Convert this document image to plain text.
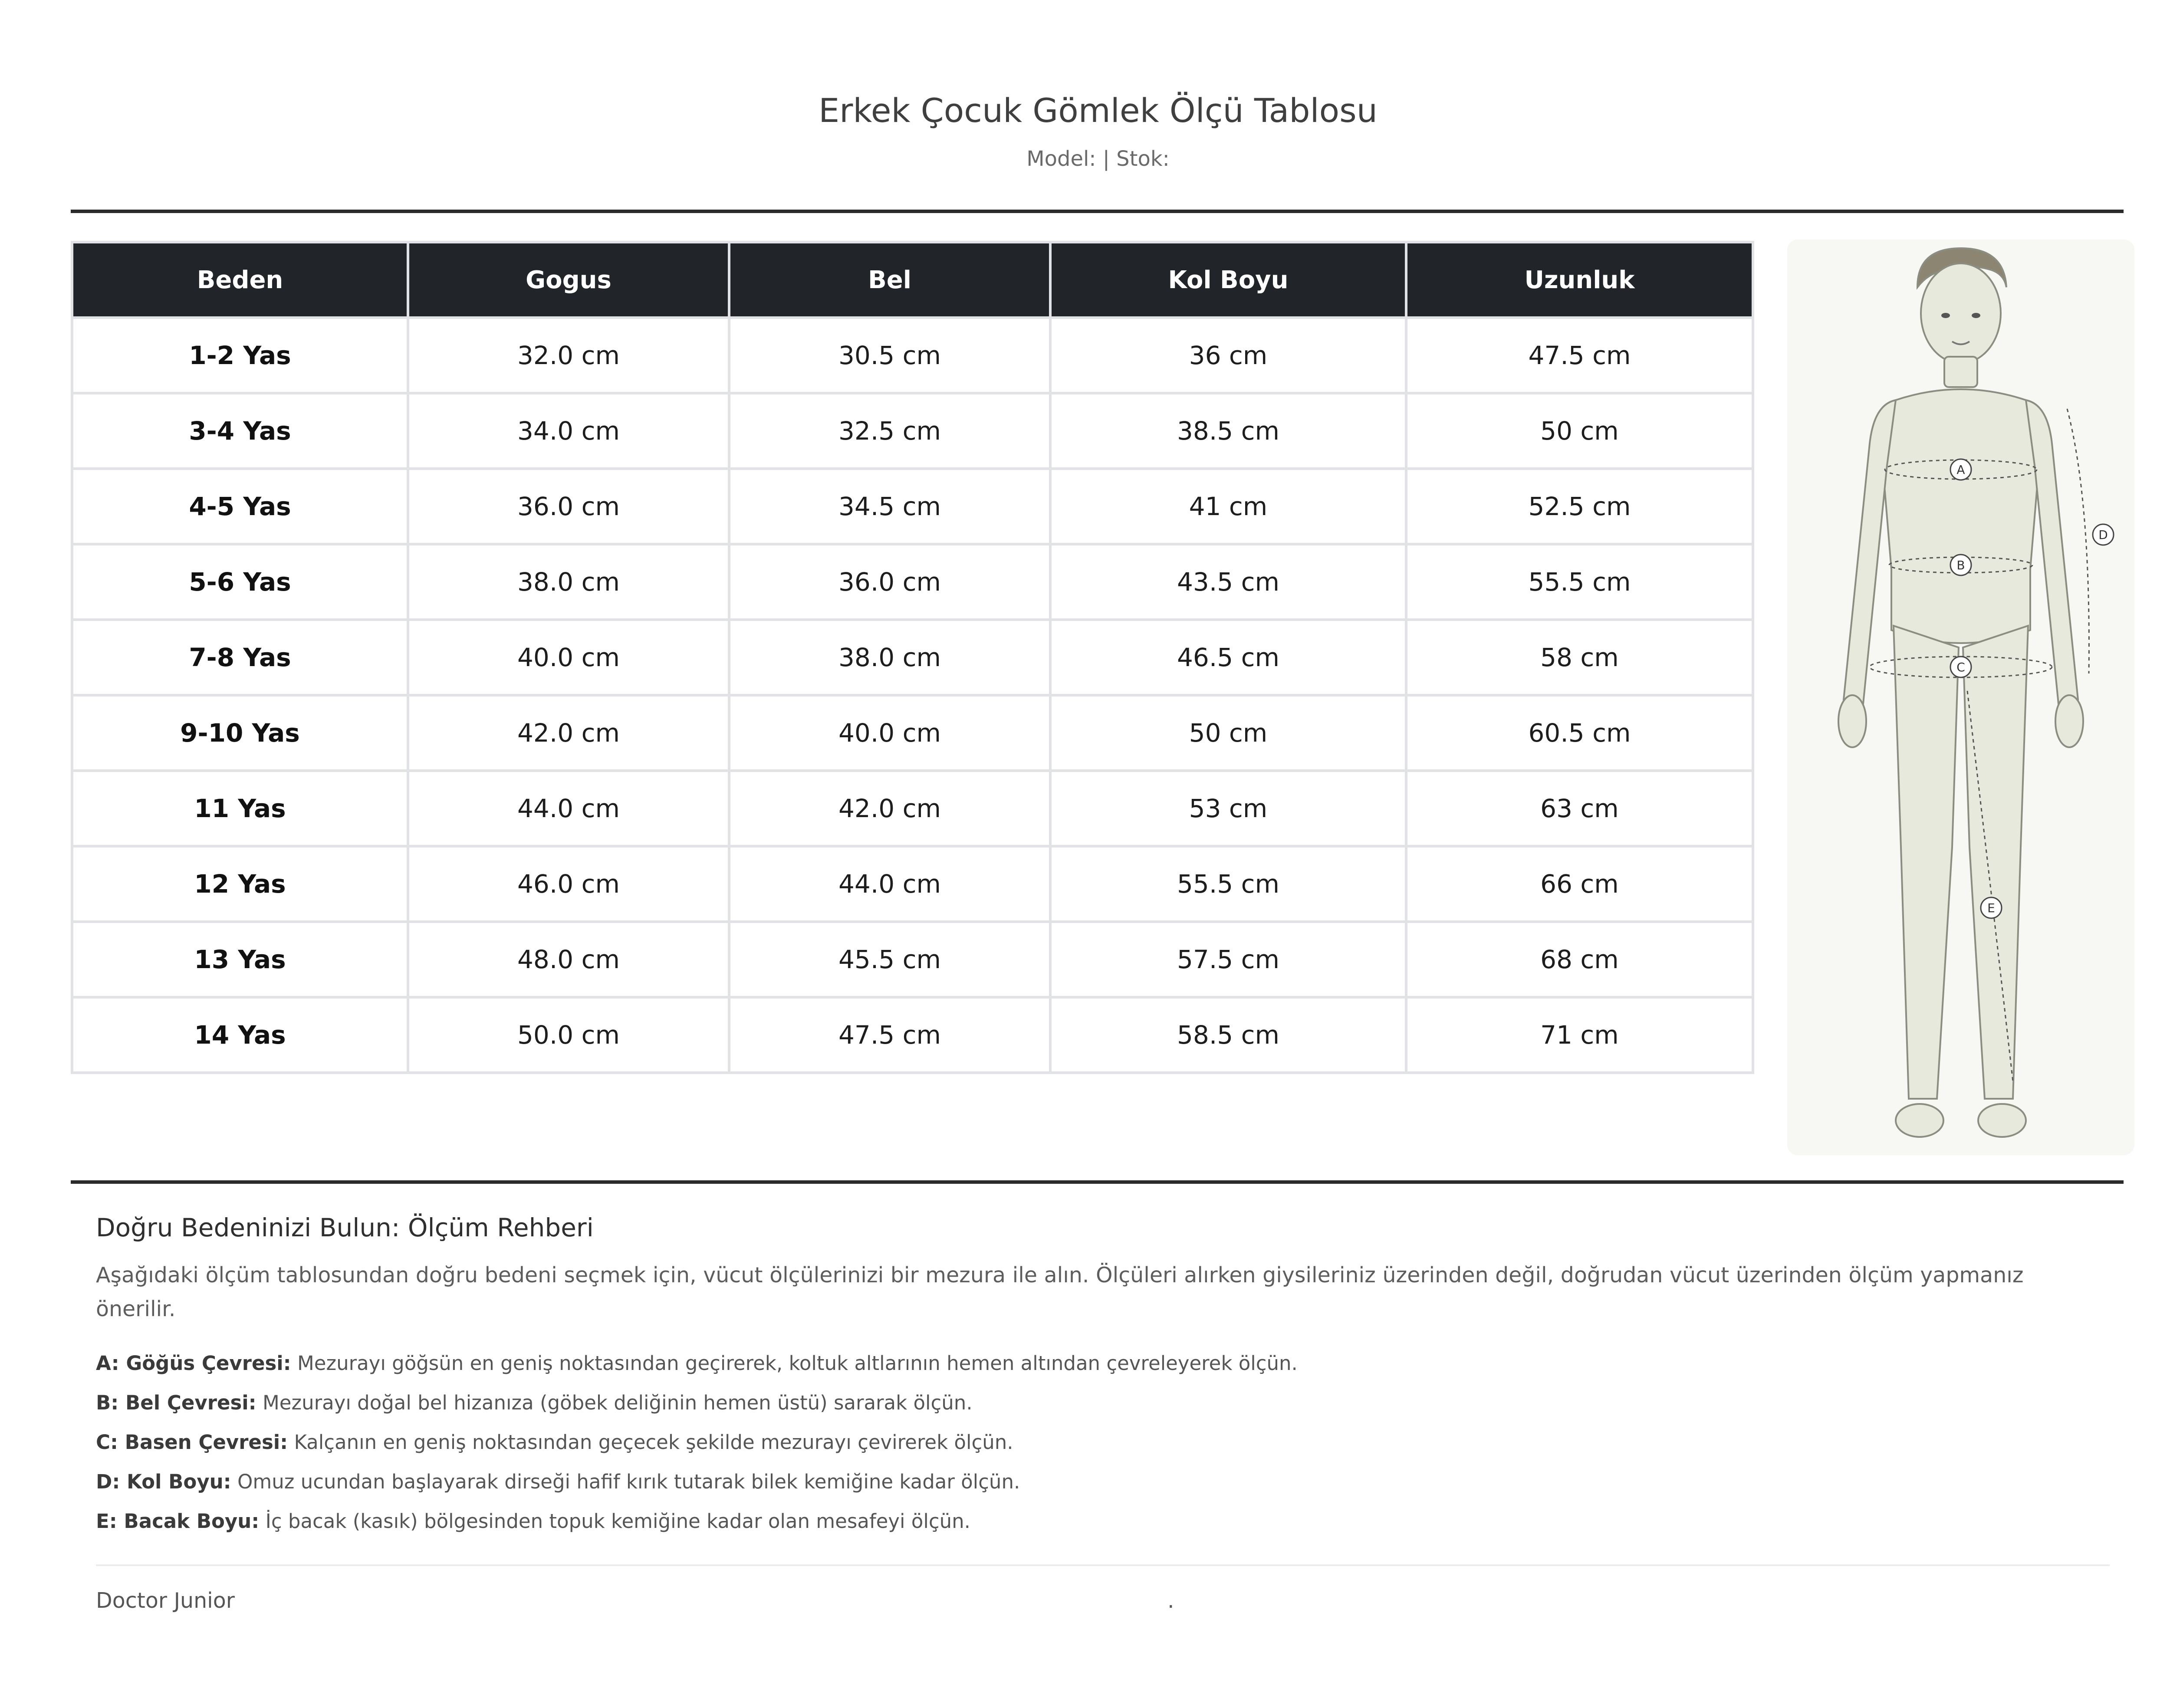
Erkek Çocuk Gömlek Ölçü Tablosu
Model: | Stok:
Beden	Gogus	Bel	Kol Boyu	Uzunluk
1-2 Yas	32.0 cm	30.5 cm	36 cm	47.5 cm
3-4 Yas	34.0 cm	32.5 cm	38.5 cm	50 cm
4-5 Yas	36.0 cm	34.5 cm	41 cm	52.5 cm
5-6 Yas	38.0 cm	36.0 cm	43.5 cm	55.5 cm
7-8 Yas	40.0 cm	38.0 cm	46.5 cm	58 cm
9-10 Yas	42.0 cm	40.0 cm	50 cm	60.5 cm
11 Yas	44.0 cm	42.0 cm	53 cm	63 cm
12 Yas	46.0 cm	44.0 cm	55.5 cm	66 cm
13 Yas	48.0 cm	45.5 cm	57.5 cm	68 cm
14 Yas	50.0 cm	47.5 cm	58.5 cm	71 cm
A
B
C
D
E
Doğru Bedeninizi Bulun: Ölçüm Rehberi
Aşağıdaki ölçüm tablosundan doğru bedeni seçmek için, vücut ölçülerinizi bir mezura ile alın. Ölçüleri alırken giysileriniz üzerinden değil, doğrudan vücut üzerinden ölçüm yapmanız önerilir.
A: Göğüs Çevresi: Mezurayı göğsün en geniş noktasından geçirerek, koltuk altlarının hemen altından çevreleyerek ölçün.
B: Bel Çevresi: Mezurayı doğal bel hizanıza (göbek deliğinin hemen üstü) sararak ölçün.
C: Basen Çevresi: Kalçanın en geniş noktasından geçecek şekilde mezurayı çevirerek ölçün.
D: Kol Boyu: Omuz ucundan başlayarak dirseği hafif kırık tutarak bilek kemiğine kadar ölçün.
E: Bacak Boyu: İç bacak (kasık) bölgesinden topuk kemiğine kadar olan mesafeyi ölçün.
Doctor Junior	.
